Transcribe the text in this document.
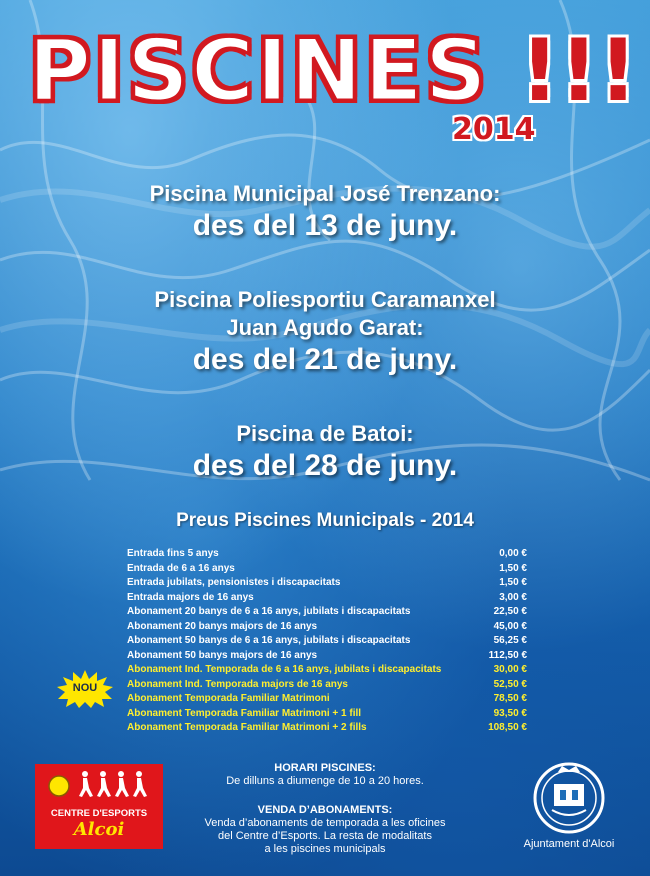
PISCINES !!!
2014
Piscina Municipal José Trenzano:
des del 13 de juny.
Piscina Poliesportiu Caramanxel
Juan Agudo Garat:
des del 21 de juny.
Piscina de Batoi:
des del 28 de juny.
Preus Piscines Municipals - 2014
Entrada fins 5 anys	0,00 €
Entrada de 6 a 16 anys	1,50 €
Entrada jubilats, pensionistes i discapacitats	1,50 €
Entrada majors de 16 anys	3,00 €
Abonament 20 banys de 6 a 16 anys, jubilats i discapacitats	22,50 €
Abonament 20 banys majors de 16 anys	45,00 €
Abonament 50 banys de 6 a 16 anys, jubilats i discapacitats	56,25 €
Abonament 50 banys majors de 16 anys	112,50 €
Abonament Ind. Temporada de 6 a 16 anys, jubilats i discapacitats	30,00 €
Abonament Ind. Temporada majors de 16 anys	52,50 €
Abonament Temporada Familiar Matrimoni	78,50 €
Abonament Temporada Familiar Matrimoni + 1 fill	93,50 €
Abonament Temporada Familiar Matrimoni + 2 fills	108,50 €
NOU
HORARI PISCINES:
De dilluns a diumenge de 10 a 20 hores.
VENDA D’ABONAMENTS:
Venda d’abonaments de temporada a les oficines
del Centre d’Esports. La resta de modalitats
a les piscines municipals
CENTRE D'ESPORTS
Alcoi
Ajuntament d'Alcoi
